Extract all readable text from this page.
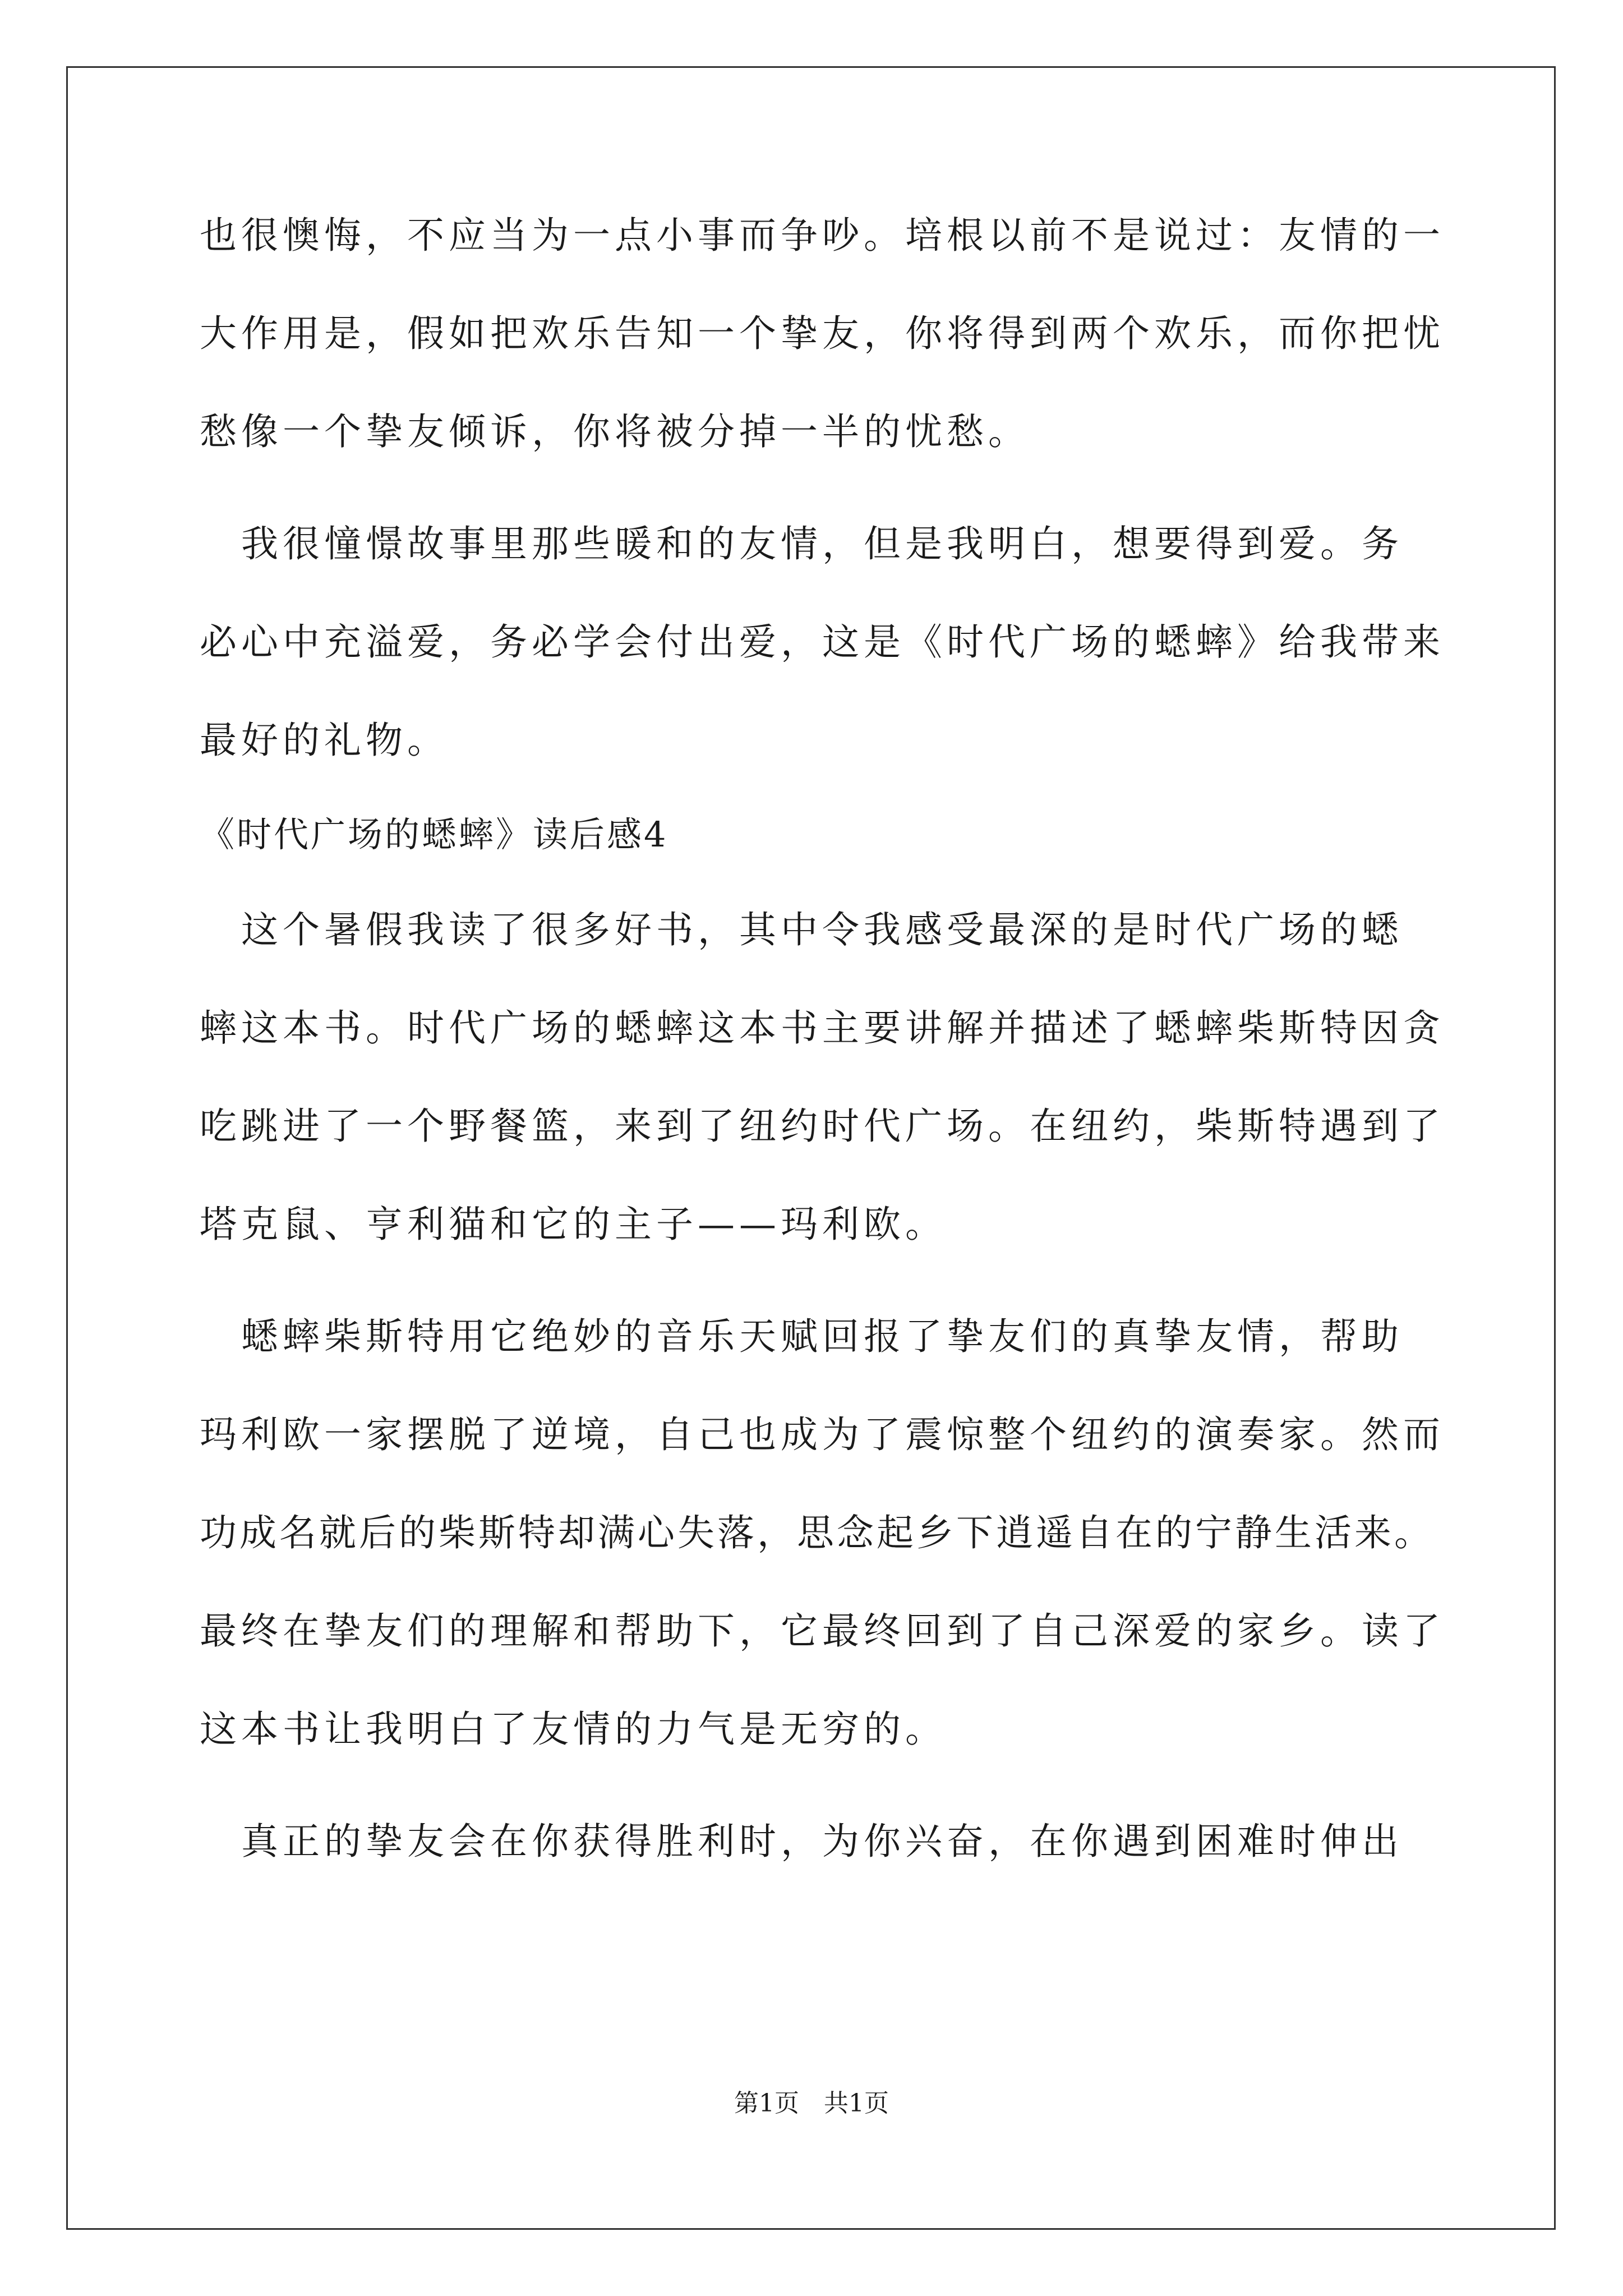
也很懊悔，不应当为一点小事而争吵。培根以前不是说过：友情的一
大作用是，假如把欢乐告知一个挚友，你将得到两个欢乐，而你把忧
愁像一个挚友倾诉，你将被分掉一半的忧愁。
　我很憧憬故事里那些暖和的友情，但是我明白，想要得到爱。务
必心中充溢爱，务必学会付出爱，这是《时代广场的蟋蟀》给我带来
最好的礼物。
《时代广场的蟋蟀》读后感4
　这个暑假我读了很多好书，其中令我感受最深的是时代广场的蟋
蟀这本书。时代广场的蟋蟀这本书主要讲解并描述了蟋蟀柴斯特因贪
吃跳进了一个野餐篮，来到了纽约时代广场。在纽约，柴斯特遇到了
塔克鼠、亨利猫和它的主子——玛利欧。
　蟋蟀柴斯特用它绝妙的音乐天赋回报了挚友们的真挚友情，帮助
玛利欧一家摆脱了逆境，自己也成为了震惊整个纽约的演奏家。然而
功成名就后的柴斯特却满心失落，思念起乡下逍遥自在的宁静生活来。
最终在挚友们的理解和帮助下，它最终回到了自己深爱的家乡。读了
这本书让我明白了友情的力气是无穷的。
　真正的挚友会在你获得胜利时，为你兴奋，在你遇到困难时伸出
第1页　共1页
